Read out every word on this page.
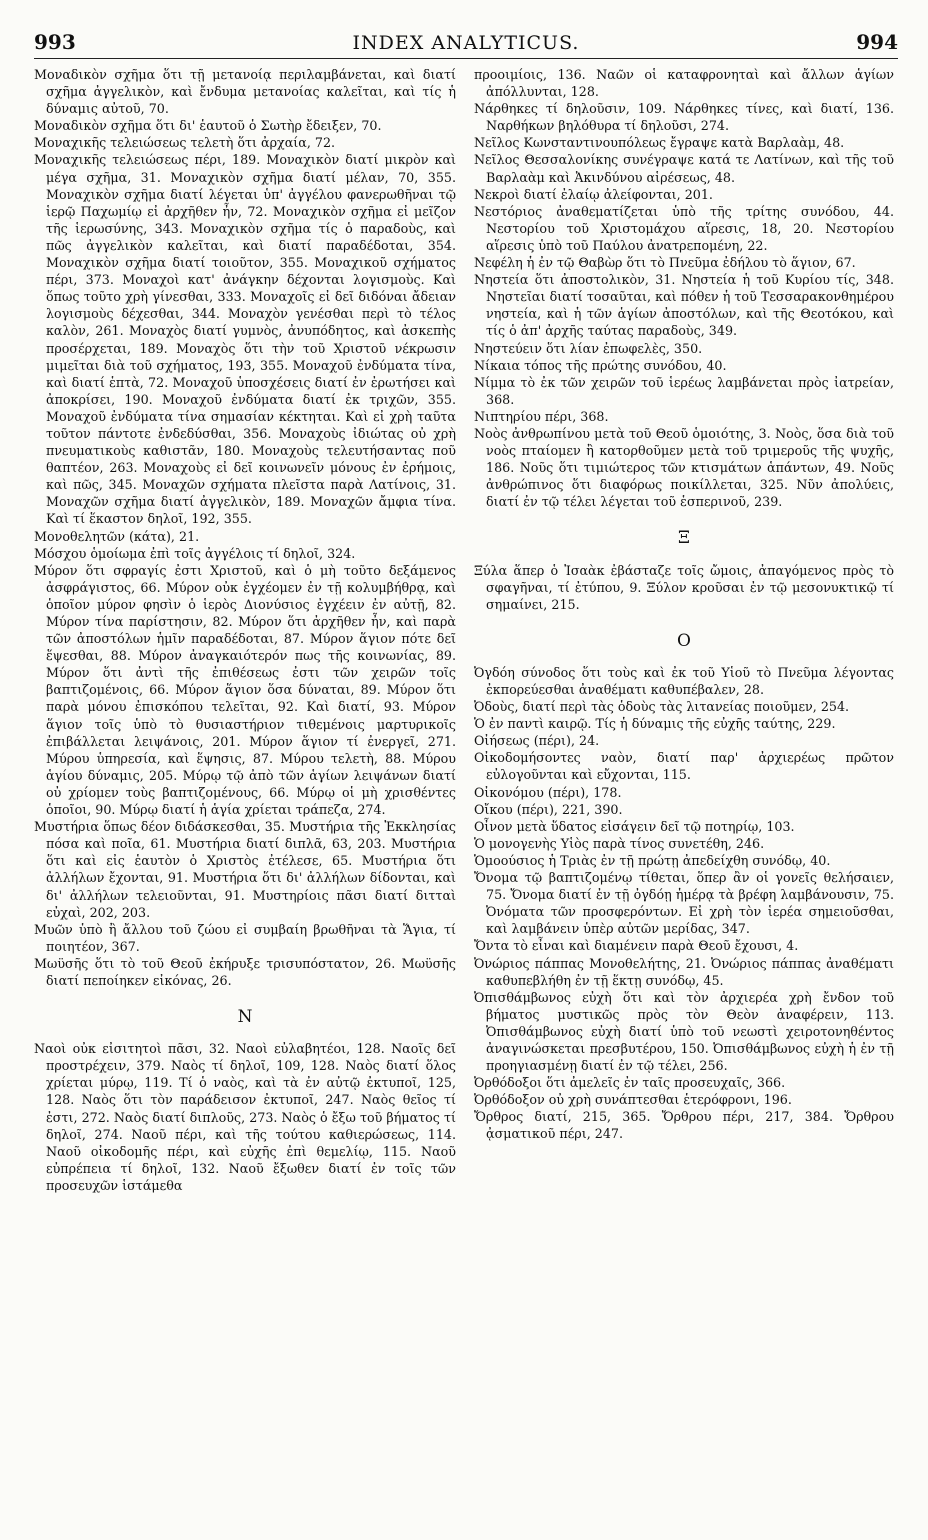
993	INDEX ANALYTICUS.	994

Μοναδικὸν σχῆμα ὅτι τῇ μετανοίᾳ περιλαμβάνεται, καὶ διατί σχῆμα ἀγγελικὸν, καὶ ἔνδυμα μετανοίας καλεῖται, καὶ τίς ἡ δύναμις αὐτοῦ, 70.

Μοναδικὸν σχῆμα ὅτι δι' ἑαυτοῦ ὁ Σωτὴρ ἔδειξεν, 70.

Μοναχικῆς τελειώσεως τελετὴ ὅτι ἀρχαία, 72.

Μοναχικῆς τελειώσεως πέρι, 189. Μοναχικὸν διατί μικρὸν καὶ μέγα σχῆμα, 31. Μοναχικὸν σχῆμα διατί μέλαν, 70, 355. Μοναχικὸν σχῆμα διατί λέγεται ὑπ' ἀγγέλου φανερωθῆναι τῷ ἱερῷ Παχωμίῳ εἰ ἀρχῆθεν ἦν, 72. Μοναχικὸν σχῆμα εἰ μεῖζον τῆς ἱερωσύνης, 343. Μοναχικὸν σχῆμα τίς ὁ παραδοὺς, καὶ πῶς ἀγγελικὸν καλεῖται, καὶ διατί παραδέδοται, 354. Μοναχικὸν σχῆμα διατί τοιοῦτον, 355. Μοναχικοῦ σχήματος πέρι, 373. Μοναχοὶ κατ' ἀνάγκην δέχονται λογισμοὺς. Καὶ ὅπως τοῦτο χρὴ γίνεσθαι, 333. Μοναχοῖς εἰ δεῖ διδόναι ἄδειαν λογισμοὺς δέχεσθαι, 344. Μοναχὸν γενέσθαι περὶ τὸ τέλος καλὸν, 261. Μοναχὸς διατί γυμνὸς, ἀνυπόδητος, καὶ ἀσκεπὴς προσέρχεται, 189. Μοναχὸς ὅτι τὴν τοῦ Χριστοῦ νέκρωσιν μιμεῖται διὰ τοῦ σχήματος, 193, 355. Μοναχοῦ ἐνδύματα τίνα, καὶ διατί ἑπτὰ, 72. Μοναχοῦ ὑποσχέσεις διατί ἐν ἐρωτήσει καὶ ἀποκρίσει, 190. Μοναχοῦ ἐνδύματα διατί ἐκ τριχῶν, 355. Μοναχοῦ ἐνδύματα τίνα σημασίαν κέκτηται. Καὶ εἰ χρὴ ταῦτα τοῦτον πάντοτε ἐνδεδύσθαι, 356. Μοναχοὺς ἰδιώτας οὐ χρὴ πνευματικοὺς καθιστᾶν, 180. Μοναχοὺς τελευτήσαντας ποῦ θαπτέον, 263. Μοναχοὺς εἰ δεῖ κοινωνεῖν μόνους ἐν ἐρήμοις, καὶ πῶς, 345. Μοναχῶν σχήματα πλεῖστα παρὰ Λατίνοις, 31. Μοναχῶν σχῆμα διατί ἀγγελικὸν, 189. Μοναχῶν ἄμφια τίνα. Καὶ τί ἕκαστον δηλοῖ, 192, 355.

Μονοθελητῶν (κάτα), 21.

Μόσχου ὁμοίωμα ἐπὶ τοῖς ἀγγέλοις τί δηλοῖ, 324.

Μύρον ὅτι σφραγίς ἐστι Χριστοῦ, καὶ ὁ μὴ τοῦτο δεξάμενος ἀσφράγιστος, 66. Μύρον οὐκ ἐγχέομεν ἐν τῇ κολυμβήθρᾳ, καὶ ὁποῖον μύρον φησὶν ὁ ἱερὸς Διονύσιος ἐγχέειν ἐν αὐτῇ, 82. Μύρον τίνα παρίστησιν, 82. Μύρον ὅτι ἀρχῆθεν ἦν, καὶ παρὰ τῶν ἀποστόλων ἡμῖν παραδέδοται, 87. Μύρον ἅγιον πότε δεῖ ἕψεσθαι, 88. Μύρον ἀναγκαιότερόν πως τῆς κοινωνίας, 89. Μύρον ὅτι ἀντὶ τῆς ἐπιθέσεως ἐστι τῶν χειρῶν τοῖς βαπτιζομένοις, 66. Μύρον ἅγιον ὅσα δύναται, 89. Μύρον ὅτι παρὰ μόνου ἐπισκόπου τελεῖται, 92. Καὶ διατί, 93. Μύρον ἅγιον τοῖς ὑπὸ τὸ θυσιαστήριον τιθεμένοις μαρτυρικοῖς ἐπιβάλλεται λειψάνοις, 201. Μύρον ἅγιον τί ἐνεργεῖ, 271. Μύρου ὑπηρεσία, καὶ ἕψησις, 87. Μύρου τελετὴ, 88. Μύρου ἁγίου δύναμις, 205. Μύρῳ τῷ ἀπὸ τῶν ἁγίων λειψάνων διατί οὐ χρίομεν τοὺς βαπτιζομένους, 66. Μύρῳ οἱ μὴ χρισθέντες ὁποῖοι, 90. Μύρῳ διατί ἡ ἁγία χρίεται τράπεζα, 274.

Μυστήρια ὅπως δέον διδάσκεσθαι, 35. Μυστήρια τῆς Ἐκκλησίας πόσα καὶ ποῖα, 61. Μυστήρια διατί διπλᾶ, 63, 203. Μυστήρια ὅτι καὶ εἰς ἑαυτὸν ὁ Χριστὸς ἐτέλεσε, 65. Μυστήρια ὅτι ἀλλήλων ἔχονται, 91. Μυστήρια ὅτι δι' ἀλλήλων δίδονται, καὶ δι' ἀλλήλων τελειοῦνται, 91. Μυστηρίοις πᾶσι διατί διτταὶ εὐχαὶ, 202, 203.

Μυῶν ὑπὸ ἢ ἄλλου τοῦ ζώου εἰ συμβαίη βρωθῆναι τὰ Ἅγια, τί ποιητέον, 367.

Μωϋσῆς ὅτι τὸ τοῦ Θεοῦ ἐκήρυξε τρισυπόστατον, 26. Μωϋσῆς διατί πεποίηκεν εἰκόνας, 26.

N

Ναοὶ οὐκ εἰσιτητοὶ πᾶσι, 32. Ναοὶ εὐλαβητέοι, 128. Ναοῖς δεῖ προστρέχειν, 379. Ναὸς τί δηλοῖ, 109, 128. Ναὸς διατί ὅλος χρίεται μύρῳ, 119. Τί ὁ ναὸς, καὶ τὰ ἐν αὐτῷ ἐκτυποῖ, 125, 128. Ναὸς ὅτι τὸν παράδεισον ἐκτυποῖ, 247. Ναὸς θεῖος τί ἐστι, 272. Ναὸς διατί διπλοῦς, 273. Ναὸς ὁ ἔξω τοῦ βήματος τί δηλοῖ, 274. Ναοῦ πέρι, καὶ τῆς τούτου καθιερώσεως, 114. Ναοῦ οἰκοδομῆς πέρι, καὶ εὐχῆς ἐπὶ θεμελίῳ, 115. Ναοῦ εὐπρέπεια τί δηλοῖ, 132. Ναοῦ ἔξωθεν διατί ἐν τοῖς τῶν προσευχῶν ἱστάμεθα

προοιμίοις, 136. Ναῶν οἱ καταφρονηταὶ καὶ ἄλλων ἁγίων ἀπόλλυνται, 128.

Νάρθηκες τί δηλοῦσιν, 109. Νάρθηκες τίνες, καὶ διατί, 136. Ναρθήκων βηλόθυρα τί δηλοῦσι, 274.

Νεῖλος Κωνσταντινουπόλεως ἔγραψε κατὰ Βαρλαὰμ, 48.

Νεῖλος Θεσσαλονίκης συνέγραψε κατά τε Λατίνων, καὶ τῆς τοῦ Βαρλαὰμ καὶ Ἀκινδύνου αἱρέσεως, 48.

Νεκροὶ διατί ἐλαίῳ ἀλείφονται, 201.

Νεστόριος ἀναθεματίζεται ὑπὸ τῆς τρίτης συνόδου, 44. Νεστορίου τοῦ Χριστομάχου αἵρεσις, 18, 20. Νεστορίου αἵρεσις ὑπὸ τοῦ Παύλου ἀνατρεπομένη, 22.

Νεφέλη ἡ ἐν τῷ Θαβὼρ ὅτι τὸ Πνεῦμα ἐδήλου τὸ ἅγιον, 67.

Νηστεία ὅτι ἀποστολικὸν, 31. Νηστεία ἡ τοῦ Κυρίου τίς, 348. Νηστεῖαι διατί τοσαῦται, καὶ πόθεν ἡ τοῦ Τεσσαρακονθημέρου νηστεία, καὶ ἡ τῶν ἁγίων ἀποστόλων, καὶ τῆς Θεοτόκου, καὶ τίς ὁ ἀπ' ἀρχῆς ταύτας παραδοὺς, 349.

Νηστεύειν ὅτι λίαν ἐπωφελὲς, 350.

Νίκαια τόπος τῆς πρώτης συνόδου, 40.

Νίμμα τὸ ἐκ τῶν χειρῶν τοῦ ἱερέως λαμβάνεται πρὸς ἰατρείαν, 368.

Νιπτηρίου πέρι, 368.

Νοὸς ἀνθρωπίνου μετὰ τοῦ Θεοῦ ὁμοιότης, 3. Νοὸς, ὅσα διὰ τοῦ νοὸς πταίομεν ἢ κατορθοῦμεν μετὰ τοῦ τριμεροῦς τῆς ψυχῆς, 186. Νοῦς ὅτι τιμιώτερος τῶν κτισμάτων ἁπάντων, 49. Νοῦς ἀνθρώπινος ὅτι διαφόρως ποικίλλεται, 325. Νῦν ἀπολύεις, διατί ἐν τῷ τέλει λέγεται τοῦ ἑσπερινοῦ, 239.

Ξ

Ξύλα ἅπερ ὁ Ἰσαὰκ ἐβάσταζε τοῖς ὤμοις, ἀπαγόμενος πρὸς τὸ σφαγῆναι, τί ἐτύπου, 9. Ξύλον κροῦσαι ἐν τῷ μεσονυκτικῷ τί σημαίνει, 215.

O

Ὀγδόη σύνοδος ὅτι τοὺς καὶ ἐκ τοῦ Υἱοῦ τὸ Πνεῦμα λέγοντας ἐκπορεύεσθαι ἀναθέματι καθυπέβαλεν, 28.

Ὀδοὺς, διατί περὶ τὰς ὁδοὺς τὰς λιτανείας ποιοῦμεν, 254.

Ὁ ἐν παντὶ καιρῷ. Τίς ἡ δύναμις τῆς εὐχῆς ταύτης, 229.

Οἰήσεως (πέρι), 24.

Οἰκοδομήσοντες ναὸν, διατί παρ' ἀρχιερέως πρῶτον εὐλογοῦνται καὶ εὔχονται, 115.

Οἰκονόμου (πέρι), 178.

Οἴκου (πέρι), 221, 390.

Οἶνον μετὰ ὕδατος εἰσάγειν δεῖ τῷ ποτηρίῳ, 103.

Ὁ μονογενὴς Υἱὸς παρὰ τίνος συνετέθη, 246.

Ὁμοούσιος ἡ Τριὰς ἐν τῇ πρώτῃ ἀπεδείχθη συνόδῳ, 40.

Ὄνομα τῷ βαπτιζομένῳ τίθεται, ὅπερ ἂν οἱ γονεῖς θελήσαιεν, 75. Ὄνομα διατί ἐν τῇ ὀγδόῃ ἡμέρᾳ τὰ βρέφη λαμβάνουσιν, 75. Ὀνόματα τῶν προσφερόντων. Εἰ χρὴ τὸν ἱερέα σημειοῦσθαι, καὶ λαμβάνειν ὑπὲρ αὐτῶν μερίδας, 347.

Ὄντα τὸ εἶναι καὶ διαμένειν παρὰ Θεοῦ ἔχουσι, 4.

Ὀνώριος πάππας Μονοθελήτης, 21. Ὀνώριος πάππας ἀναθέματι καθυπεβλήθη ἐν τῇ ἕκτῃ συνόδῳ, 45.

Ὀπισθάμβωνος εὐχὴ ὅτι καὶ τὸν ἀρχιερέα χρὴ ἔνδον τοῦ βήματος μυστικῶς πρὸς τὸν Θεὸν ἀναφέρειν, 113. Ὀπισθάμβωνος εὐχὴ διατί ὑπὸ τοῦ νεωστὶ χειροτονηθέντος ἀναγινώσκεται πρεσβυτέρου, 150. Ὀπισθάμβωνος εὐχὴ ἡ ἐν τῇ προηγιασμένῃ διατί ἐν τῷ τέλει, 256.

Ὀρθόδοξοι ὅτι ἀμελεῖς ἐν ταῖς προσευχαῖς, 366.

Ὀρθόδοξον οὐ χρὴ συνάπτεσθαι ἑτερόφρονι, 196.

Ὄρθρος διατί, 215, 365. Ὄρθρου πέρι, 217, 384. Ὄρθρου ᾀσματικοῦ πέρι, 247.
